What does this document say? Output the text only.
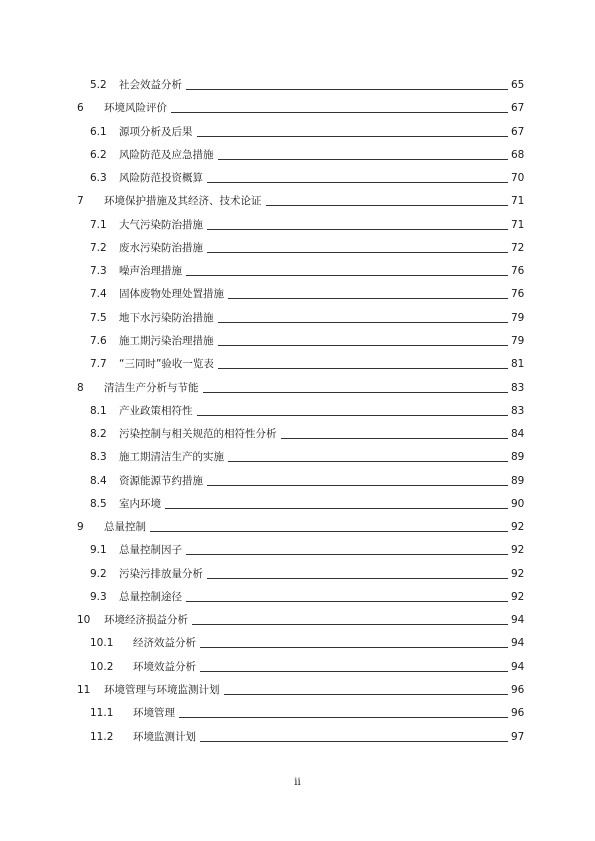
5.2 社会效益分析	65
6 环境风险评价	67
6.1 源项分析及后果	67
6.2 风险防范及应急措施	68
6.3 风险防范投资概算	70
7 环境保护措施及其经济、技术论证	71
7.1 大气污染防治措施	71
7.2 废水污染防治措施	72
7.3 噪声治理措施	76
7.4 固体废物处理处置措施	76
7.5 地下水污染防治措施	79
7.6 施工期污染治理措施	79
7.7 “三同时”验收一览表	81
8 清洁生产分析与节能	83
8.1 产业政策相符性	83
8.2 污染控制与相关规范的相符性分析	84
8.3 施工期清洁生产的实施	89
8.4 资源能源节约措施	89
8.5 室内环境	90
9 总量控制	92
9.1 总量控制因子	92
9.2 污染污排放量分析	92
9.3 总量控制途径	92
10 环境经济损益分析	94
10.1 经济效益分析	94
10.2 环境效益分析	94
11 环境管理与环境监测计划	96
11.1 环境管理	96
11.2 环境监测计划	97
ii
